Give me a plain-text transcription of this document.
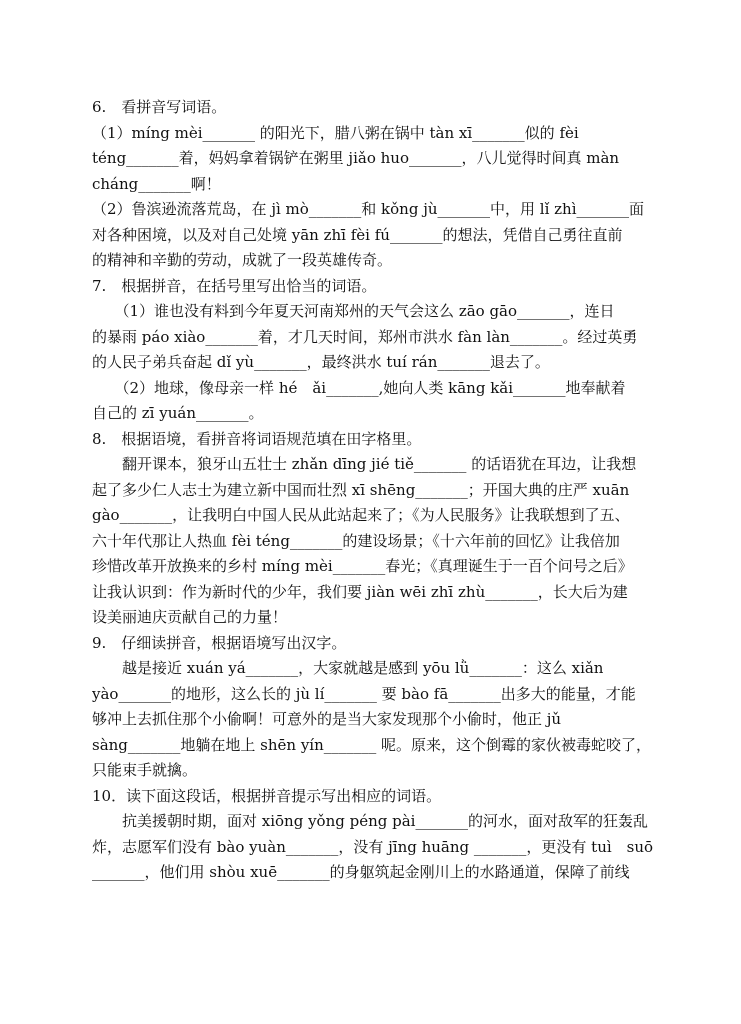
6.　看拼音写词语。
（1）míng mèi_______ 的阳光下，腊八粥在锅中 tàn xī_______似的 fèi
téng_______着，妈妈拿着锅铲在粥里 jiǎo huo_______，八儿觉得时间真 màn
cháng_______啊！
（2）鲁滨逊流落荒岛，在 jì mò_______和 kǒng jù_______中，用 lǐ zhì_______面
对各种困境，以及对自己处境 yān zhī fèi fú_______的想法，凭借自己勇往直前
的精神和辛勤的劳动，成就了一段英雄传奇。
7.　根据拼音，在括号里写出恰当的词语。
　　（1）谁也没有料到今年夏天河南郑州的天气会这么 zāo gāo_______，连日
的暴雨 páo xiào_______着，才几天时间，郑州市洪水 fàn làn_______。经过英勇
的人民子弟兵奋起 dǐ yù_______，最终洪水 tuí rán_______退去了。
　　（2）地球，像母亲一样 hé　ǎi_______,她向人类 kāng kǎi_______地奉献着
自己的 zī yuán_______。
8.　根据语境，看拼音将词语规范填在田字格里。
　　翻开课本，狼牙山五壮士 zhǎn dīng jié tiě_______ 的话语犹在耳边，让我想
起了多少仁人志士为建立新中国而壮烈 xī shēng_______；开国大典的庄严 xuān
gào_______，让我明白中国人民从此站起来了；《为人民服务》让我联想到了五、
六十年代那让人热血 fèi téng_______的建设场景；《十六年前的回忆》让我倍加
珍惜改革开放换来的乡村 míng mèi_______春光；《真理诞生于一百个问号之后》
让我认识到：作为新时代的少年，我们要 jiàn wēi zhī zhù_______，长大后为建
设美丽迪庆贡献自己的力量！
9.　仔细读拼音，根据语境写出汉字。
　　越是接近 xuán yá_______，大家就越是感到 yōu lǜ_______：这么 xiǎn
yào_______的地形，这么长的 jù lí_______ 要 bào fā_______出多大的能量，才能
够冲上去抓住那个小偷啊！可意外的是当大家发现那个小偷时，他正 jǔ
sàng_______地躺在地上 shēn yín_______ 呢。原来，这个倒霉的家伙被毒蛇咬了，
只能束手就擒。
10．读下面这段话，根据拼音提示写出相应的词语。
　　抗美援朝时期，面对 xiōng yǒng péng pài_______的河水，面对敌军的狂轰乱
炸，志愿军们没有 bào yuàn_______，没有 jīng huāng _______，更没有 tuì　suō
_______，他们用 shòu xuē_______的身躯筑起金刚川上的水路通道，保障了前线
